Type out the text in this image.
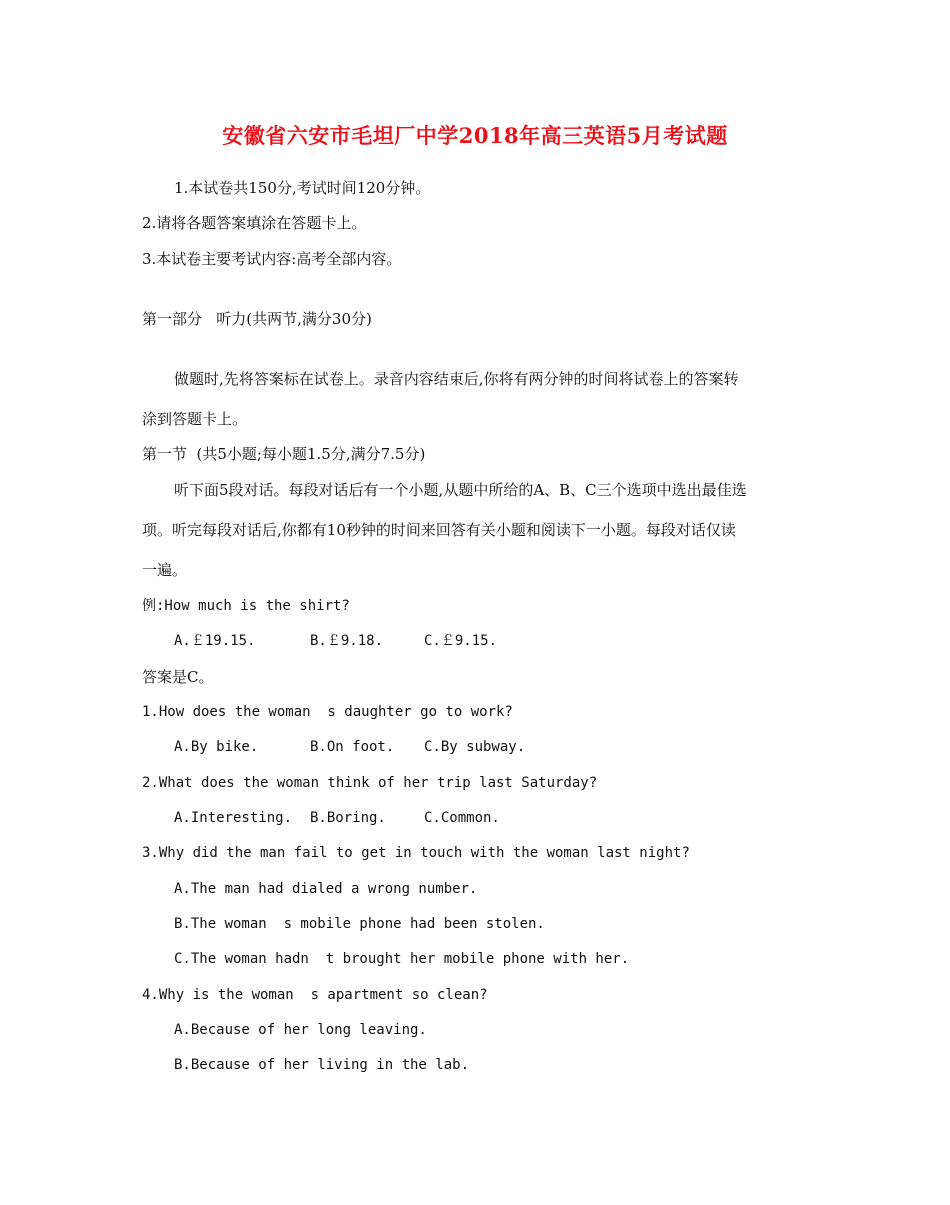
安徽省六安市毛坦厂中学2018年高三英语5月考试题
1.本试卷共150分,考试时间120分钟。
2.请将各题答案填涂在答题卡上。
3.本试卷主要考试内容:高考全部内容。
第一部分   听力(共两节,满分30分)
做题时,先将答案标在试卷上。录音内容结束后,你将有两分钟的时间将试卷上的答案转
涂到答题卡上。
第一节  (共5小题;每小题1.5分,满分7.5分)
听下面5段对话。每段对话后有一个小题,从题中所给的A、B、C三个选项中选出最佳选
项。听完每段对话后,你都有10秒钟的时间来回答有关小题和阅读下一小题。每段对话仅读
一遍。
例:How much is the shirt?
A.￡19.15.	B.￡9.18.	C.￡9.15.
答案是C。
1.How does the woman  s daughter go to work?
A.By bike.	B.On foot. C.By subway.
2.What does the woman think of her trip last Saturday?
A.Interesting. B.Boring.	C.Common.
3.Why did the man fail to get in touch with the woman last night?
A.The man had dialed a wrong number.
B.The woman  s mobile phone had been stolen.
C.The woman hadn  t brought her mobile phone with her.
4.Why is the woman  s apartment so clean?
A.Because of her long leaving.
B.Because of her living in the lab.
